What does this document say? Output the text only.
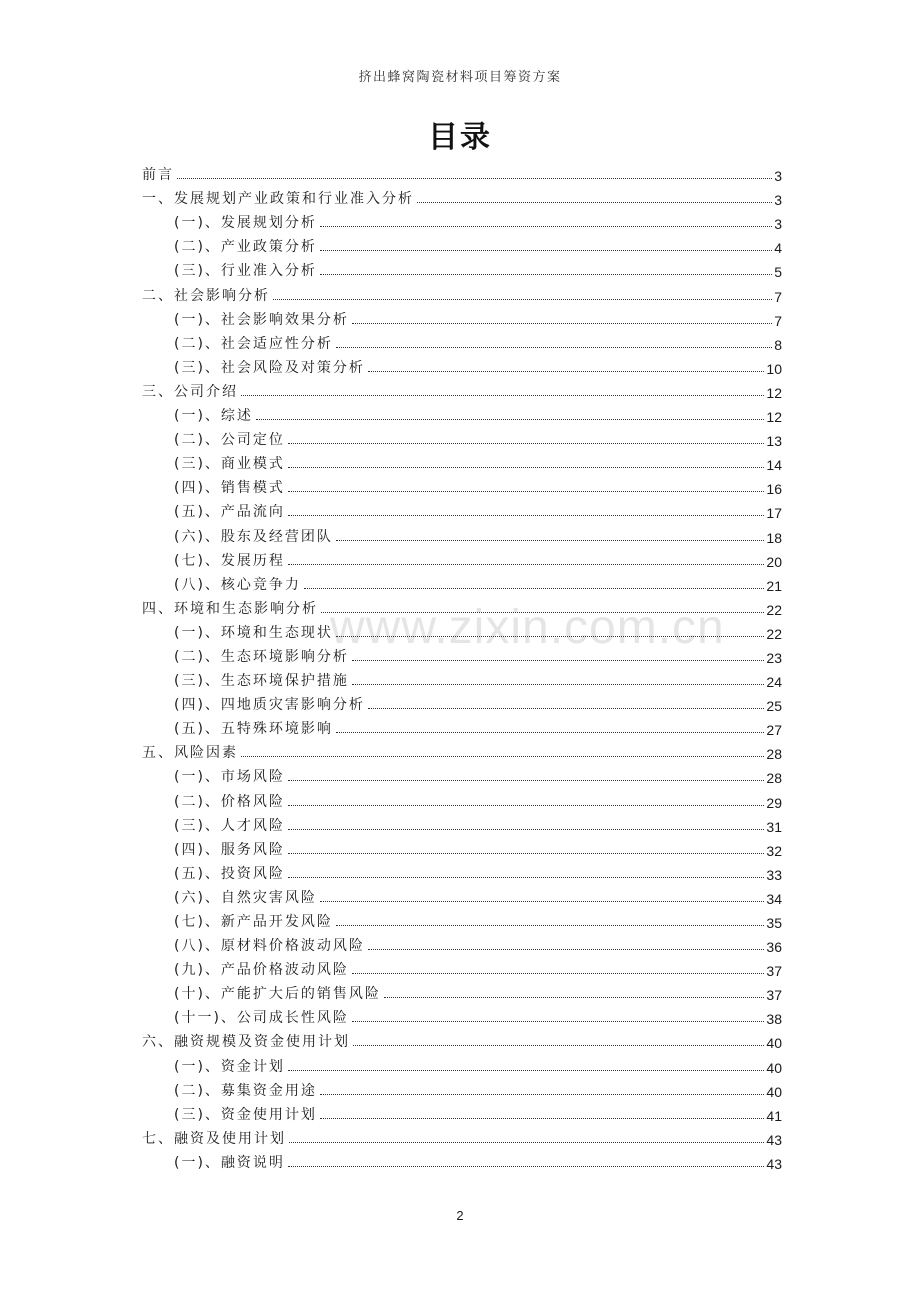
挤出蜂窝陶瓷材料项目筹资方案
目录
www.zixin.com.cn
前言	3
一、发展规划产业政策和行业准入分析	3
(一)、发展规划分析	3
(二)、产业政策分析	4
(三)、行业准入分析	5
二、社会影响分析	7
(一)、社会影响效果分析	7
(二)、社会适应性分析	8
(三)、社会风险及对策分析	10
三、公司介绍	12
(一)、综述	12
(二)、公司定位	13
(三)、商业模式	14
(四)、销售模式	16
(五)、产品流向	17
(六)、股东及经营团队	18
(七)、发展历程	20
(八)、核心竞争力	21
四、环境和生态影响分析	22
(一)、环境和生态现状	22
(二)、生态环境影响分析	23
(三)、生态环境保护措施	24
(四)、四地质灾害影响分析	25
(五)、五特殊环境影响	27
五、风险因素	28
(一)、市场风险	28
(二)、价格风险	29
(三)、人才风险	31
(四)、服务风险	32
(五)、投资风险	33
(六)、自然灾害风险	34
(七)、新产品开发风险	35
(八)、原材料价格波动风险	36
(九)、产品价格波动风险	37
(十)、产能扩大后的销售风险	37
(十一)、公司成长性风险	38
六、融资规模及资金使用计划	40
(一)、资金计划	40
(二)、募集资金用途	40
(三)、资金使用计划	41
七、融资及使用计划	43
(一)、融资说明	43
2
